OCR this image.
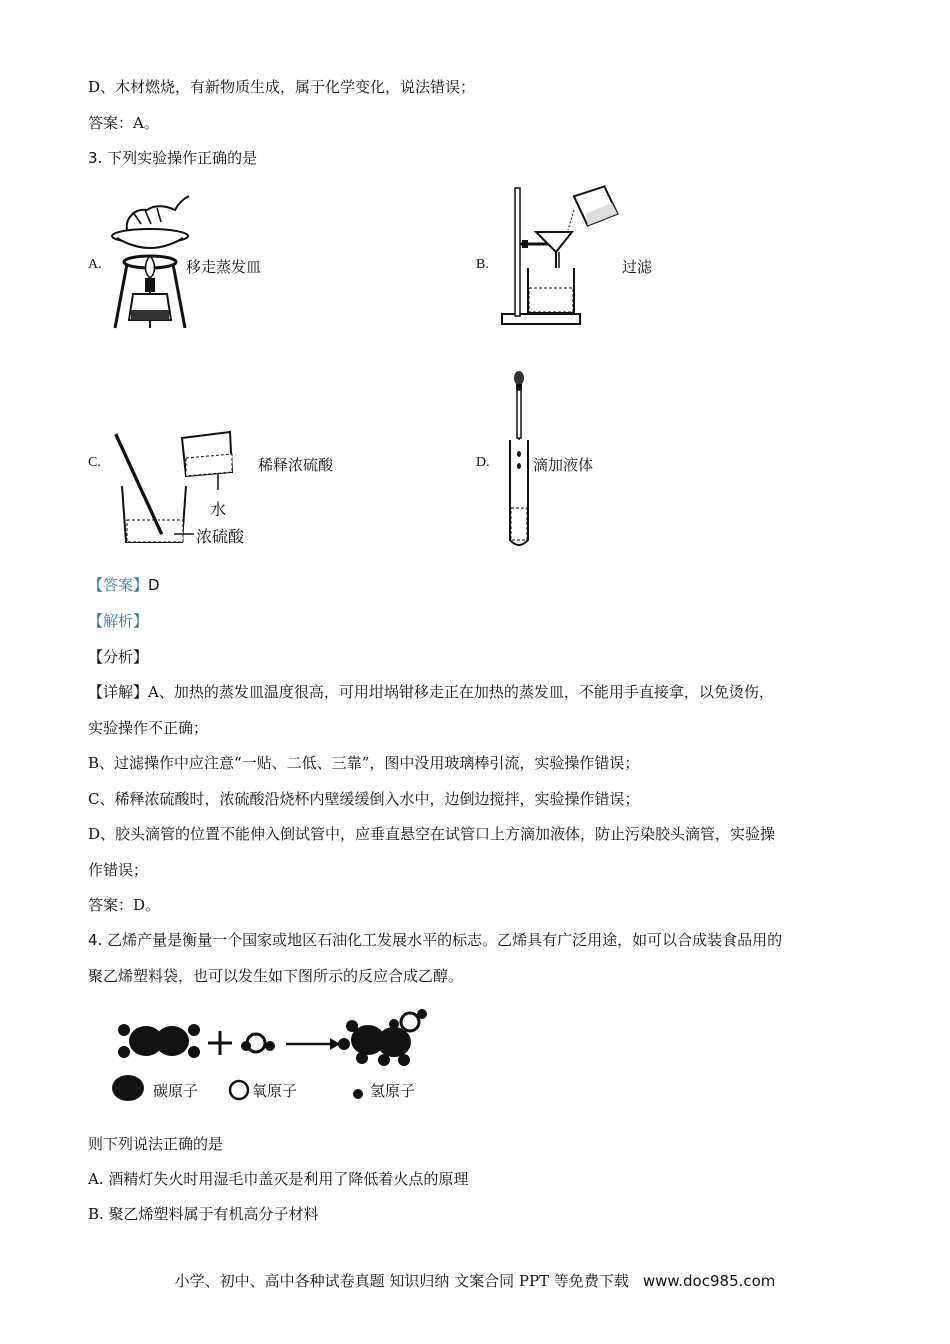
D、木材燃烧，有新物质生成，属于化学变化，说法错误；
答案：A。
3. 下列实验操作正确的是
A.	移走蒸发皿	B.	过滤
C.
水
浓硫酸
稀释浓硫酸	D.	滴加液体
【答案】D
【解析】
【分析】
【详解】A、加热的蒸发皿温度很高，可用坩埚钳移走正在加热的蒸发皿，不能用手直接拿，以免烫伤，
实验操作不正确；
B、过滤操作中应注意“一贴、二低、三靠”，图中没用玻璃棒引流，实验操作错误；
C、稀释浓硫酸时，浓硫酸沿烧杯内壁缓缓倒入水中，边倒边搅拌，实验操作错误；
D、胶头滴管的位置不能伸入倒试管中，应垂直悬空在试管口上方滴加液体，防止污染胶头滴管，实验操
作错误；
答案：D。
4. 乙烯产量是衡量一个国家或地区石油化工发展水平的标志。乙烯具有广泛用途，如可以合成装食品用的
聚乙烯塑料袋，也可以发生如下图所示的反应合成乙醇。
碳原子	氧原子	氢原子
则下列说法正确的是
A. 酒精灯失火时用湿毛巾盖灭是利用了降低着火点的原理
B. 聚乙烯塑料属于有机高分子材料
小学、初中、高中各种试卷真题 知识归纳 文案合同 PPT 等免费下载 www.doc985.com
